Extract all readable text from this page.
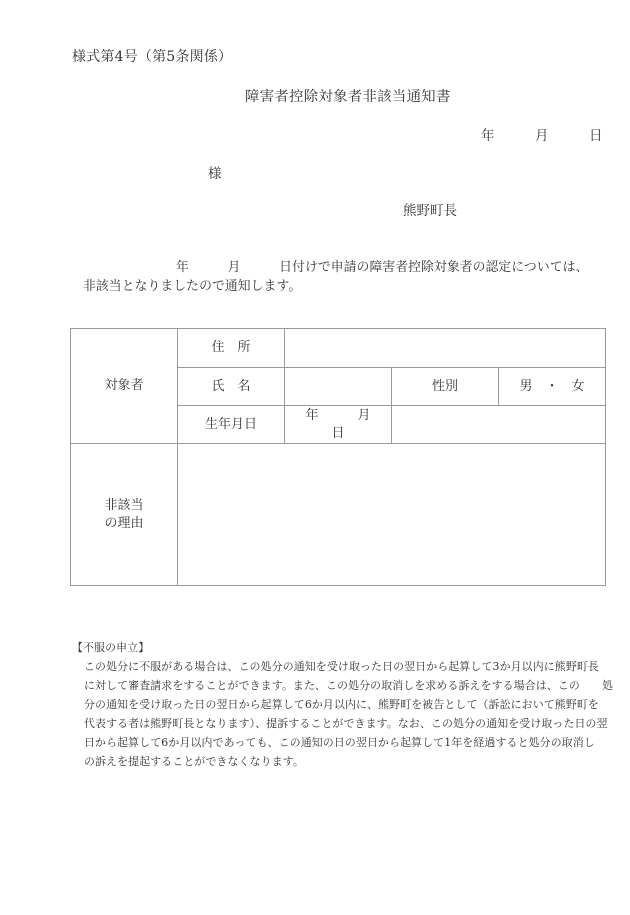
様式第4号（第5条関係）
障害者控除対象者非該当通知書
年　　　月　　　日
様
熊野町長
年　　　月　　　日付けで申請の障害者控除対象者の認定については、
非該当となりましたので通知します。
対象者	住　所			
	氏　名		性別	男　・　女
	生年月日	年　　　月　　　日		
非該当
の理由				
【不服の申立】
この処分に不服がある場合は、この処分の通知を受け取った日の翌日から起算して3か月以内に熊野町長
に対して審査請求をすることができます。また、この処分の取消しを求める訴えをする場合は、この　　処
分の通知を受け取った日の翌日から起算して6か月以内に、熊野町を被告として（訴訟において熊野町を
代表する者は熊野町長となります）、提訴することができます。なお、この処分の通知を受け取った日の翌
日から起算して6か月以内であっても、この通知の日の翌日から起算して1年を経過すると処分の取消し
の訴えを提起することができなくなります。
